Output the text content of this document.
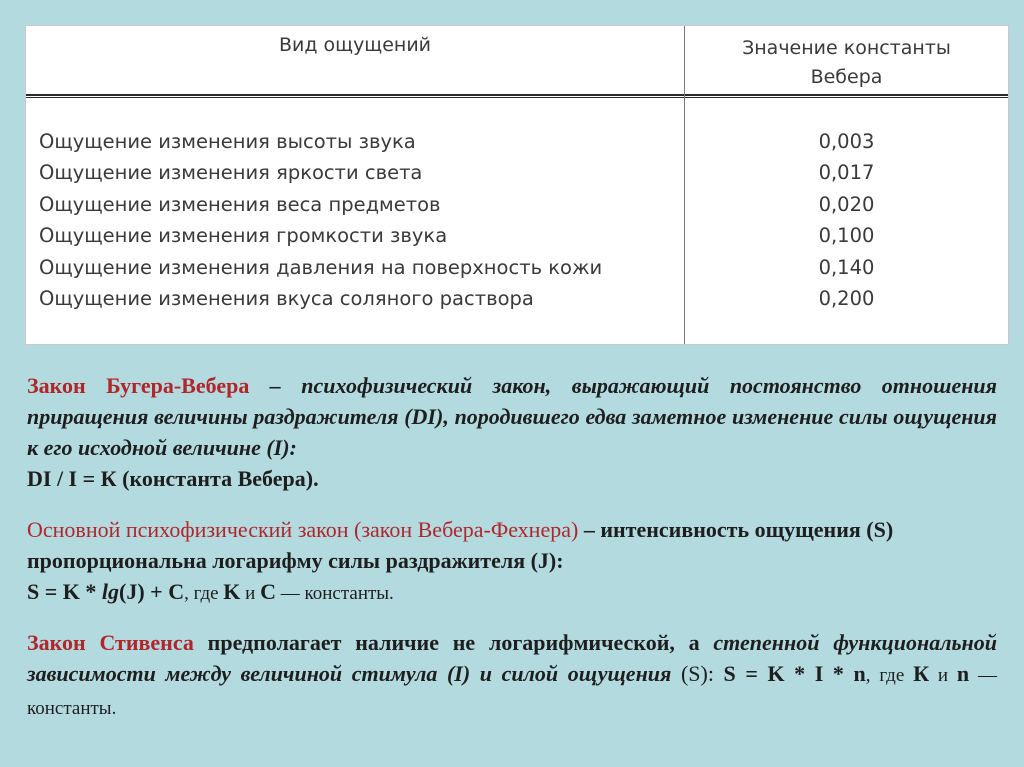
Вид ощущений	Значение константы
Вебера
Ощущение изменения высоты звука
Ощущение изменения яркости света
Ощущение изменения веса предметов
Ощущение изменения громкости звука
Ощущение изменения давления на поверхность кожи
Ощущение изменения вкуса соляного раствора
0,003
0,017
0,020
0,100
0,140
0,200
Закон Бугера-Вебера – психофизический закон, выражающий постоянство отношения приращения величины раздражителя (DI), породившего едва заметное изменение силы ощущения к его исходной величине (I):
DI / I = К (константа Вебера).
Основной психофизический закон (закон Вебера-Фехнера) – интенсивность ощущения (S) пропорциональна логарифму силы раздражителя (J):
S = K * lg(J) + C, где K и C — константы.
Закон Стивенса предполагает наличие не логарифмической, а степенной функциональной зависимости между величиной стимула (I) и силой ощущения (S): S = K * I * n, где К и n — константы.
